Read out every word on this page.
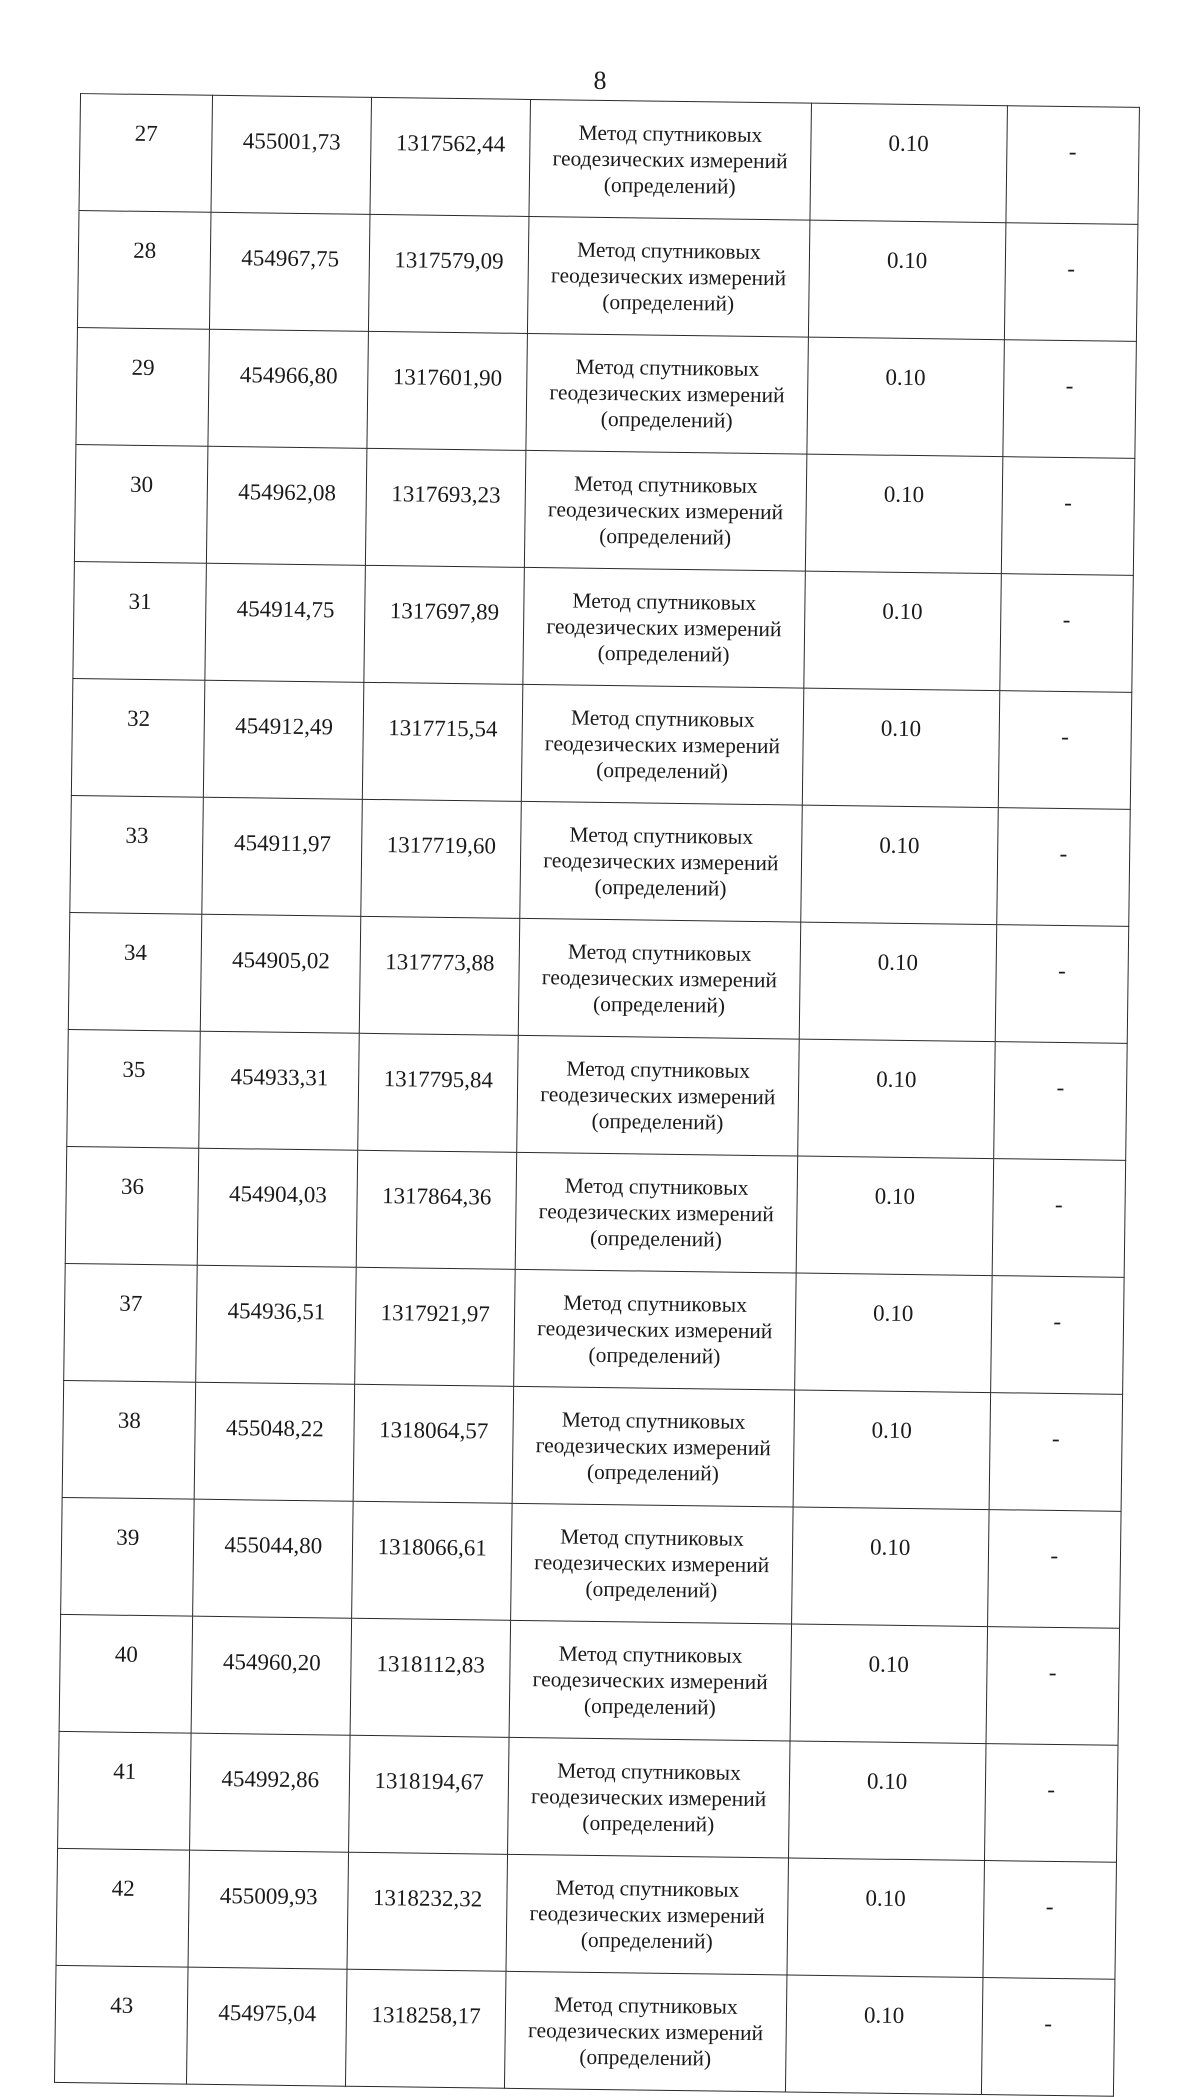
8
27	455001,73	1317562,44	Метод спутниковых
геодезических измерений
(определений)	0.10	-
28	454967,75	1317579,09	Метод спутниковых
геодезических измерений
(определений)	0.10	-
29	454966,80	1317601,90	Метод спутниковых
геодезических измерений
(определений)	0.10	-
30	454962,08	1317693,23	Метод спутниковых
геодезических измерений
(определений)	0.10	-
31	454914,75	1317697,89	Метод спутниковых
геодезических измерений
(определений)	0.10	-
32	454912,49	1317715,54	Метод спутниковых
геодезических измерений
(определений)	0.10	-
33	454911,97	1317719,60	Метод спутниковых
геодезических измерений
(определений)	0.10	-
34	454905,02	1317773,88	Метод спутниковых
геодезических измерений
(определений)	0.10	-
35	454933,31	1317795,84	Метод спутниковых
геодезических измерений
(определений)	0.10	-
36	454904,03	1317864,36	Метод спутниковых
геодезических измерений
(определений)	0.10	-
37	454936,51	1317921,97	Метод спутниковых
геодезических измерений
(определений)	0.10	-
38	455048,22	1318064,57	Метод спутниковых
геодезических измерений
(определений)	0.10	-
39	455044,80	1318066,61	Метод спутниковых
геодезических измерений
(определений)	0.10	-
40	454960,20	1318112,83	Метод спутниковых
геодезических измерений
(определений)	0.10	-
41	454992,86	1318194,67	Метод спутниковых
геодезических измерений
(определений)	0.10	-
42	455009,93	1318232,32	Метод спутниковых
геодезических измерений
(определений)	0.10	-
43	454975,04	1318258,17	Метод спутниковых
геодезических измерений
(определений)	0.10	-
